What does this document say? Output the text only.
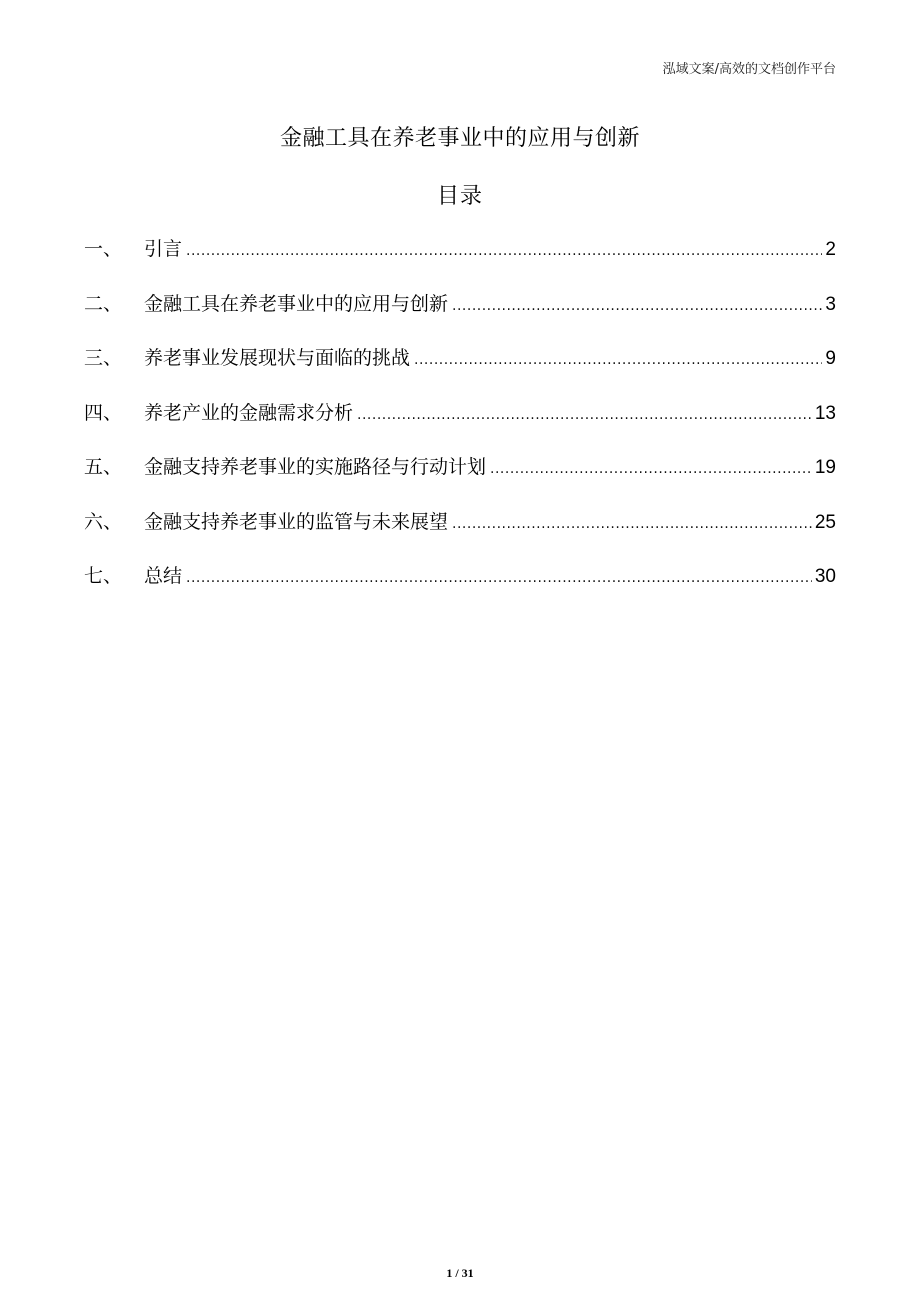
泓域文案/高效的文档创作平台
金融工具在养老事业中的应用与创新
目录
一、	引言 .....	2
二、	金融工具在养老事业中的应用与创新 .....	3
三、	养老事业发展现状与面临的挑战 .....	9
四、	养老产业的金融需求分析 .....	13
五、	金融支持养老事业的实施路径与行动计划 .....	19
六、	金融支持养老事业的监管与未来展望 .....	25
七、	总结 .....	30
1 / 31
